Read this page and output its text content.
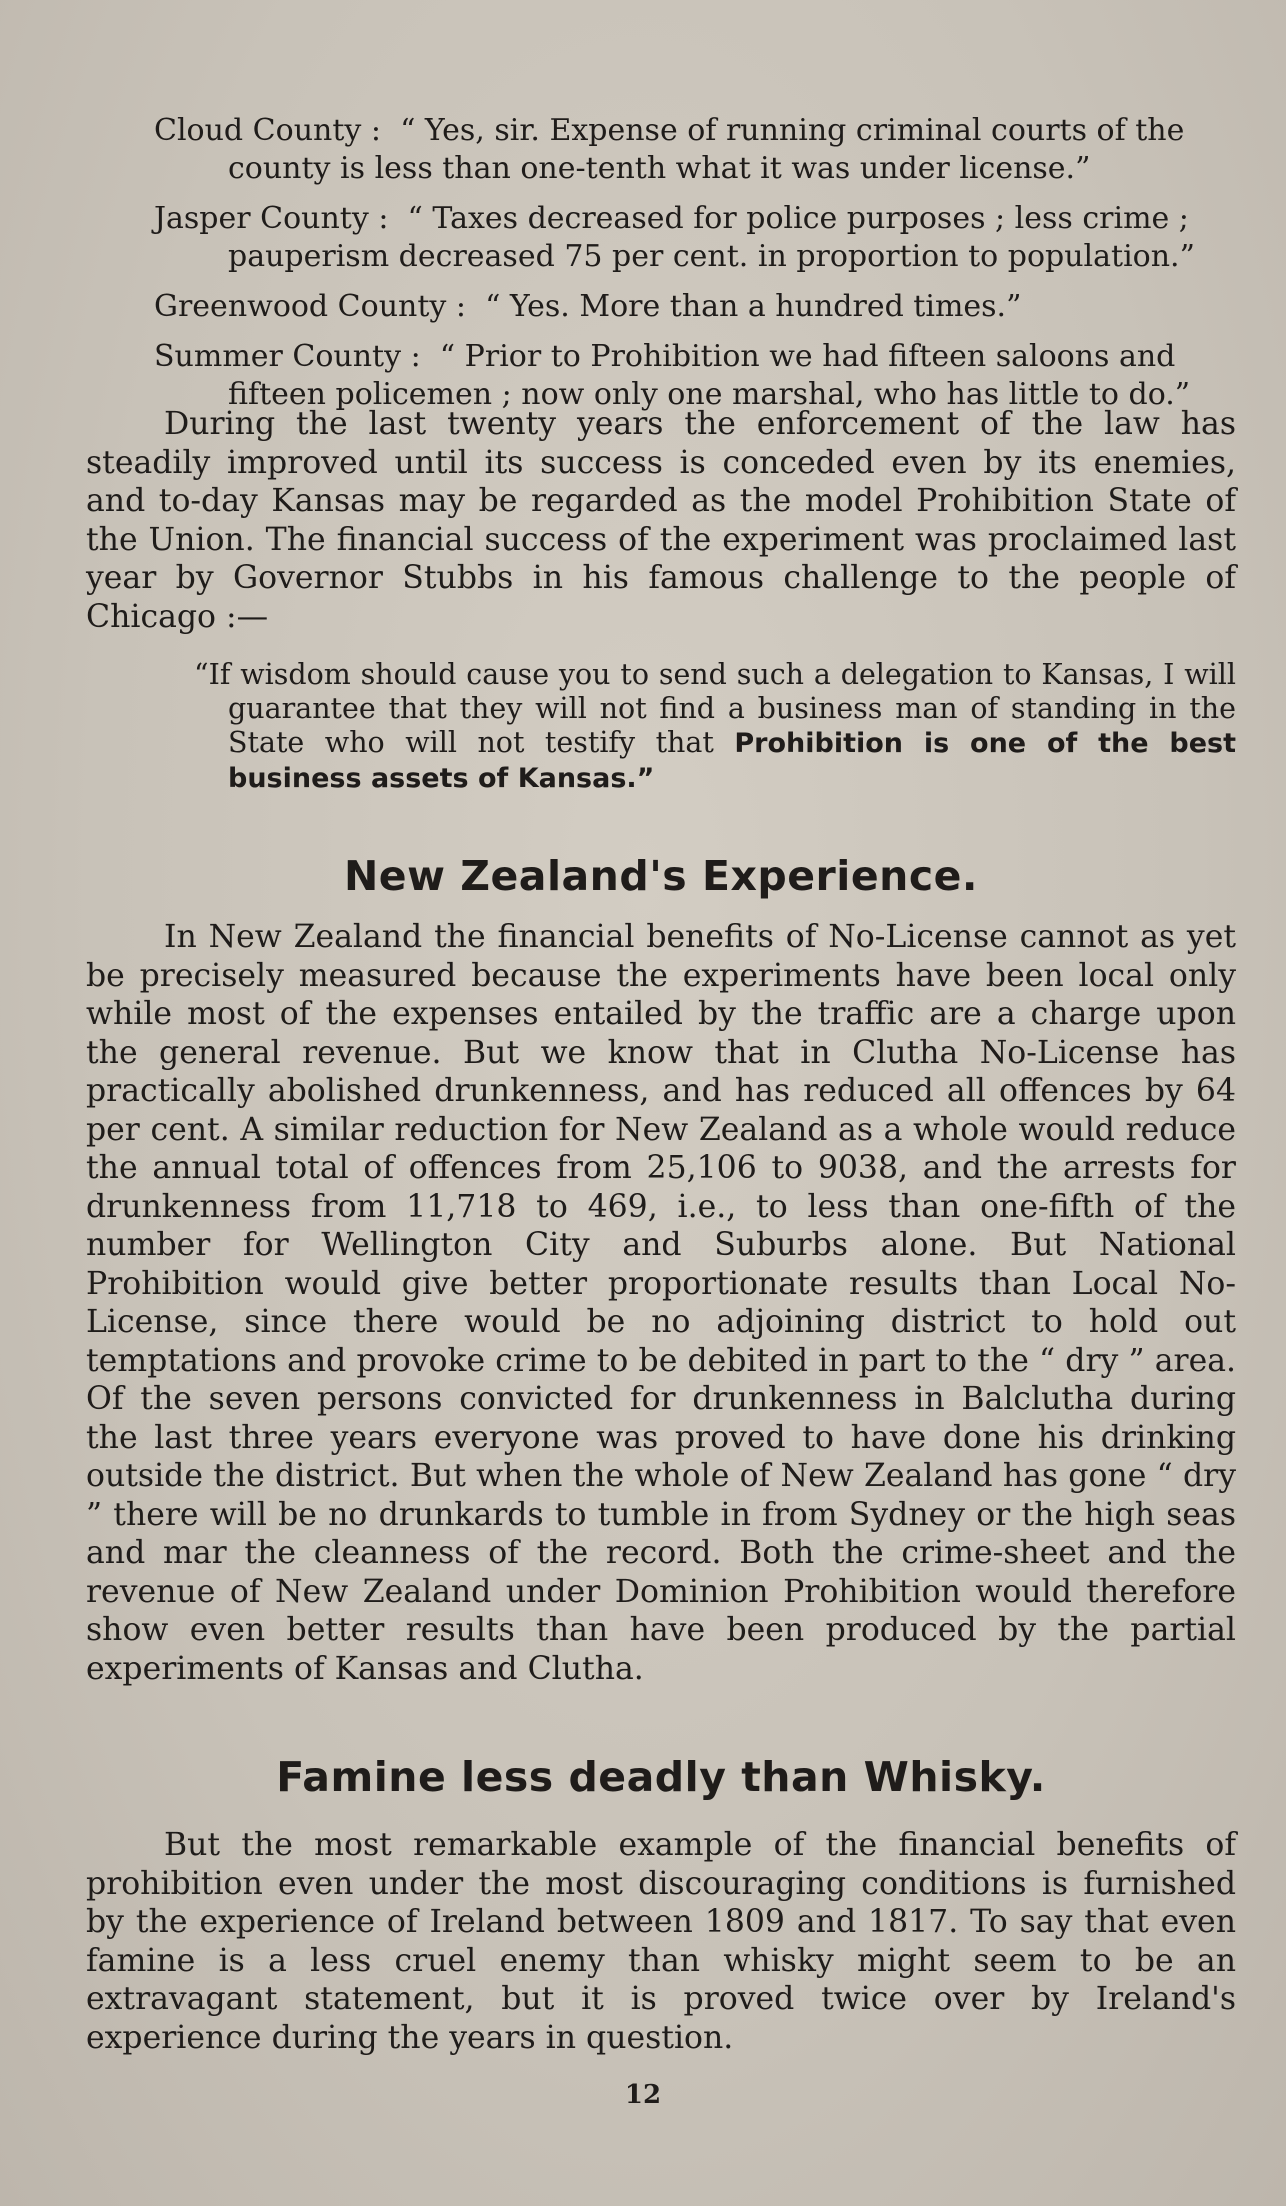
Cloud County : “ Yes, sir. Expense of running criminal courts of the county is less than one-tenth what it was under license.”

Jasper County : “ Taxes decreased for police purposes ; less crime ; pauperism decreased 75 per cent. in proportion to population.”

Greenwood County : “ Yes. More than a hundred times.”

Summer County : “ Prior to Prohibition we had fifteen saloons and fifteen policemen ; now only one marshal, who has little to do.”

During the last twenty years the enforcement of the law has steadily improved until its success is conceded even by its enemies, and to-day Kansas may be regarded as the model Prohibition State of the Union. The financial success of the experiment was proclaimed last year by Governor Stubbs in his famous challenge to the people of Chicago :—

“If wisdom should cause you to send such a delegation to Kansas, I will guarantee that they will not find a business man of standing in the State who will not testify that Prohibition is one of the best business assets of Kansas.”

New Zealand's Experience.

In New Zealand the financial benefits of No-License cannot as yet be precisely measured because the experiments have been local only while most of the expenses entailed by the traffic are a charge upon the general revenue. But we know that in Clutha No-License has practically abolished drunkenness, and has reduced all offences by 64 per cent. A similar reduction for New Zealand as a whole would reduce the annual total of offences from 25,106 to 9038, and the arrests for drunkenness from 11,718 to 469, i.e., to less than one-fifth of the number for Wellington City and Suburbs alone. But National Prohibition would give better proportionate results than Local No-License, since there would be no adjoining district to hold out temptations and provoke crime to be debited in part to the “ dry ” area. Of the seven persons convicted for drunkenness in Balclutha during the last three years everyone was proved to have done his drinking outside the district. But when the whole of New Zealand has gone “ dry ” there will be no drunkards to tumble in from Sydney or the high seas and mar the cleanness of the record. Both the crime-sheet and the revenue of New Zealand under Dominion Prohibition would therefore show even better results than have been produced by the partial experiments of Kansas and Clutha.

Famine less deadly than Whisky.

But the most remarkable example of the financial benefits of prohibition even under the most discouraging conditions is furnished by the experience of Ireland between 1809 and 1817. To say that even famine is a less cruel enemy than whisky might seem to be an extravagant statement, but it is proved twice over by Ireland's experience during the years in question.

12
